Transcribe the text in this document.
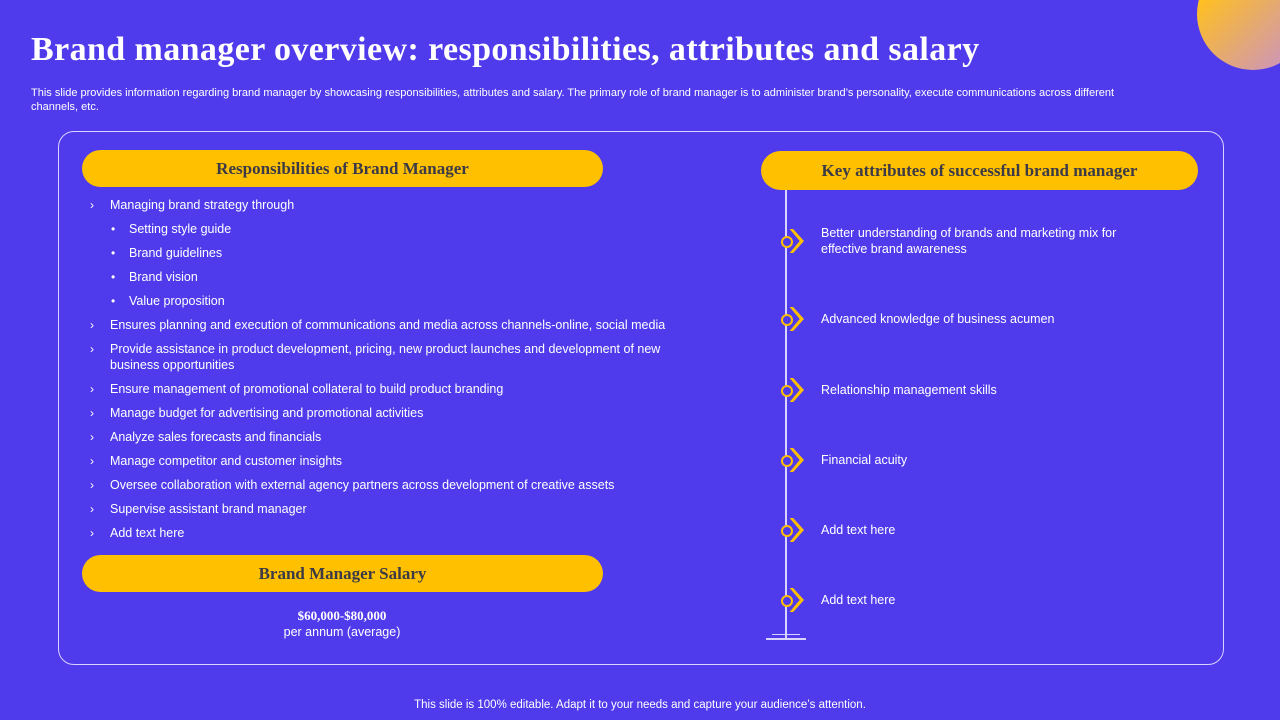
Brand manager overview: responsibilities, attributes and salary

This slide provides information regarding brand manager by showcasing responsibilities, attributes and salary. The primary role of brand manager is to administer brand’s personality, execute communications across different channels, etc.

Responsibilities of Brand Manager
› Managing brand strategy through
• Setting style guide
• Brand guidelines
• Brand vision
• Value proposition
› Ensures planning and execution of communications and media across channels-online, social media
› Provide assistance in product development, pricing, new product launches and development of new business opportunities
› Ensure management of promotional collateral to build product branding
› Manage budget for advertising and promotional activities
› Analyze sales forecasts and financials
› Manage competitor and customer insights
› Oversee collaboration with external agency partners across development of creative assets
› Supervise assistant brand manager
› Add text here
Brand Manager Salary
$60,000-$80,000
per annum (average)
Key attributes of successful brand manager
Better understanding of brands and marketing mix for effective brand awareness
Advanced knowledge of business acumen
Relationship management skills
Financial acuity
Add text here
Add text here
This slide is 100% editable. Adapt it to your needs and capture your audience’s attention.
